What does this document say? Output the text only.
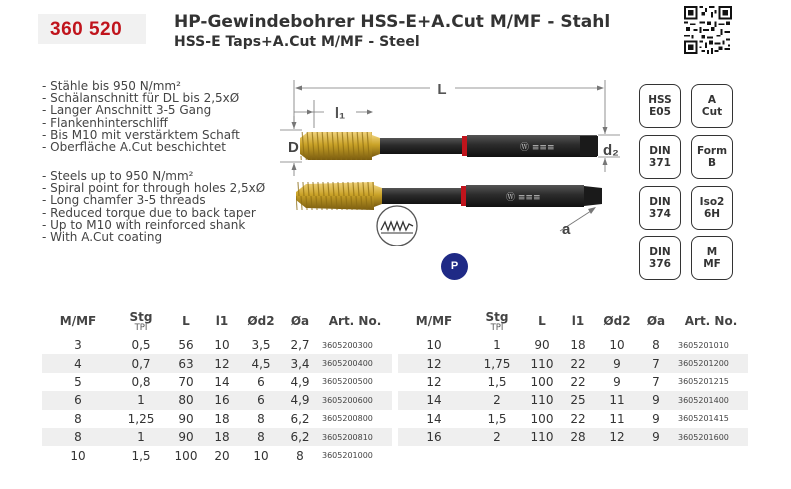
360 520	HP-Gewindebohrer HSS-E+A.Cut M/MF - Stahl
HSS-E Taps+A.Cut M/MF - Steel
- Stähle bis 950 N/mm²
- Schälanschnitt für DL bis 2,5xØ
- Langer Anschnitt 3-5 Gang
- Flankenhinterschliff
- Bis M10 mit verstärktem Schaft
- Oberfläche A.Cut beschichtet
- Steels up to 950 N/mm²
- Spiral point for through holes 2,5xØ
- Long chamfer 3-5 threads
- Reduced torque due to back taper
- Up to M10 with reinforced shank
- With A.Cut coating
L
l₁
D	Ⓦ ≡≡≡	d₂
Ⓦ ≡≡≡
a
HSS
E05
A
Cut
DIN
371
Form
B
DIN
374
Iso2
6H
DIN
376
M
MF
P
M/MF	Stg
TPI	L	l1	Ød2	Øa	Art. No.
3	0,5	56	10	3,5	2,7	3605200300
4	0,7	63	12	4,5	3,4	3605200400
5	0,8	70	14	6	4,9	3605200500
6	1	80	16	6	4,9	3605200600
8	1,25	90	18	8	6,2	3605200800
8	1	90	18	8	6,2	3605200810
10	1,5	100	20	10	8	3605201000
M/MF	Stg
TPI	L	l1	Ød2	Øa	Art. No.
10	1	90	18	10	8	3605201010
12	1,75	110	22	9	7	3605201200
12	1,5	100	22	9	7	3605201215
14	2	110	25	11	9	3605201400
14	1,5	100	22	11	9	3605201415
16	2	110	28	12	9	3605201600
